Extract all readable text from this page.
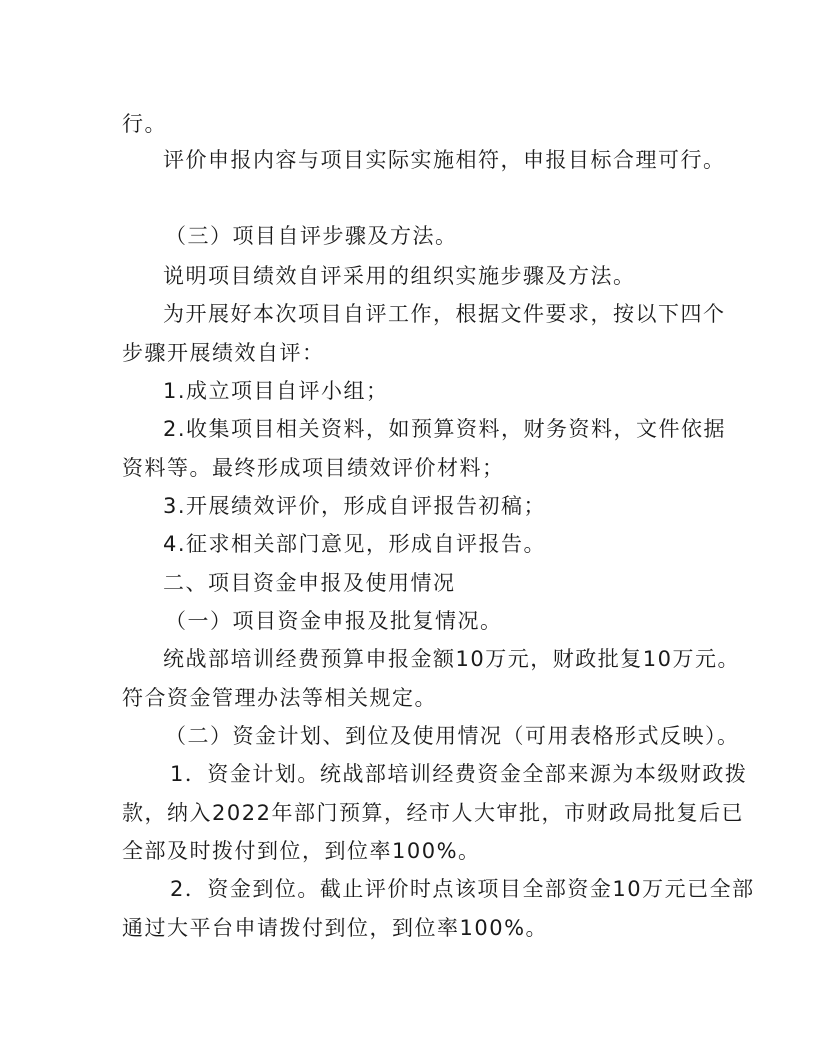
行。
评价申报内容与项目实际实施相符，申报目标合理可行。
（三）项目自评步骤及方法。
说明项目绩效自评采用的组织实施步骤及方法。
为开展好本次项目自评工作，根据文件要求，按以下四个
步骤开展绩效自评：
1.成立项目自评小组；
2.收集项目相关资料，如预算资料，财务资料，文件依据
资料等。最终形成项目绩效评价材料；
3.开展绩效评价，形成自评报告初稿；
4.征求相关部门意见，形成自评报告。
二、项目资金申报及使用情况
（一）项目资金申报及批复情况。
统战部培训经费预算申报金额10万元，财政批复10万元。
符合资金管理办法等相关规定。
（二）资金计划、到位及使用情况（可用表格形式反映）。
1．资金计划。统战部培训经费资金全部来源为本级财政拨
款，纳入2022年部门预算，经市人大审批，市财政局批复后已
全部及时拨付到位，到位率100%。
2．资金到位。截止评价时点该项目全部资金10万元已全部
通过大平台申请拨付到位，到位率100%。
